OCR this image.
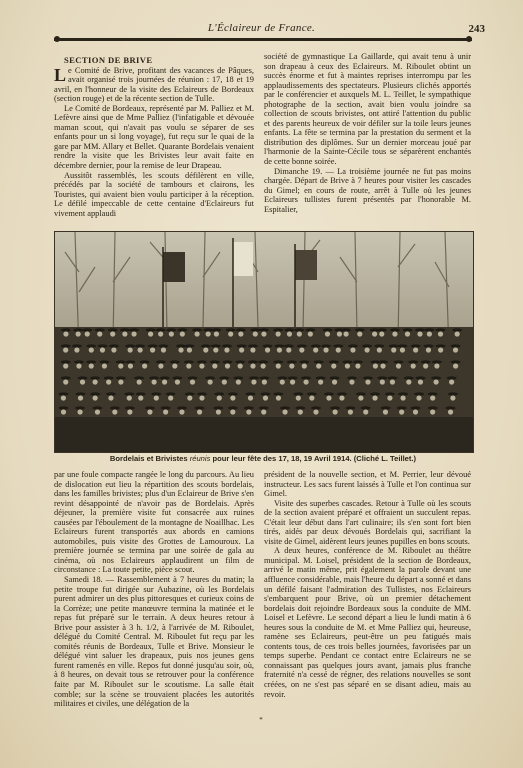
L'Éclaireur de France.	243

SECTION DE BRIVE

Le Comité de Brive, profitant des vacances de Pâques, avait organisé trois journées de réunion : 17, 18 et 19 avril, en l'honneur de la visite des Eclaireurs de Bordeaux (section rouge) et de la récente section de Tulle.

Le Comité de Bordeaux, représenté par M. Palliez et M. Lefèvre ainsi que de Mme Palliez (l'infatigable et dévouée maman scout, qui n'avait pas voulu se séparer de ses enfants pour un si long voyage), fut reçu sur le quai de la gare par MM. Allary et Bellet. Quarante Bordelais venaient rendre la visite que les Brivistes leur avait faite en décembre dernier, pour la remise de leur Drapeau.

Aussitôt rassemblés, les scouts défilèrent en ville, précédés par la société de tambours et clairons, les Touristes, qui avaient bien voulu participer à la réception. Le défilé impeccable de cette centaine d'Eclaireurs fut vivement applaudi

société de gymnastique La Gaillarde, qui avait tenu à unir son drapeau à ceux des Eclaireurs. M. Riboulet obtint un succès énorme et fut à maintes reprises interrompu par les applaudissements des spectateurs. Plusieurs clichés apportés par le conférencier et auxquels M. L. Teillet, le sympathique photographe de la section, avait bien voulu joindre sa collection de scouts brivistes, ont attiré l'attention du public et des parents heureux de voir défiler sur la toile leurs jeunes enfants. La fête se termina par la prestation du serment et la distribution des diplômes. Sur un dernier morceau joué par l'harmonie de la Sainte-Cécile tous se séparèrent enchantés de cette bonne soirée.

Dimanche 19. — La troisième journée ne fut pas moins chargée. Départ de Brive à 7 heures pour visiter les cascades du Gimel; en cours de route, arrêt à Tulle où les jeunes Eclaireurs tullistes furent présentés par l'honorable M. Espitalier,

Bordelais et Brivistes réunis pour leur fête des 17, 18, 19 Avril 1914. (Cliché L. Teillet.)

par une foule compacte rangée le long du parcours. Au lieu de dislocation eut lieu la répartition des scouts bordelais, dans les familles brivistes; plus d'un Eclaireur de Brive s'en revint désappointé de n'avoir pas de Bordelais. Après déjeuner, la première visite fut consacrée aux ruines causées par l'éboulement de la montagne de Noaillhac. Les Eclaireurs furent transportés aux abords en camions automobiles, puis visite des Grottes de Lamouroux. La première journée se termina par une soirée de gala au cinéma, où nos Eclaireurs applaudirent un film de circonstance : La toute petite, pièce scout.

Samedi 18. — Rassemblement à 7 heures du matin; la petite troupe fut dirigée sur Aubazine, où les Bordelais purent admirer un des plus pittoresques et curieux coins de la Corrèze; une petite manœuvre termina la matinée et le repas fut préparé sur le terrain. A deux heures retour à Brive pour assister à 3 h. 1/2, à l'arrivée de M. Riboulet, délégué du Comité Central. M. Riboulet fut reçu par les comités réunis de Bordeaux, Tulle et Brive. Monsieur le délégué vint saluer les drapeaux, puis nos jeunes gens furent ramenés en ville. Repos fut donné jusqu'au soir, où, à 8 heures, on devait tous se retrouver pour la conférence faite par M. Riboulet sur le scoutisme. La salle était comble; sur la scène se trouvaient placées les autorités militaires et civiles, une délégation de la

président de la nouvelle section, et M. Perrier, leur dévoué instructeur. Les sacs furent laissés à Tulle et l'on continua sur Gimel.

Visite des superbes cascades. Retour à Tulle où les scouts de la section avaient préparé et offraient un succulent repas. C'était leur début dans l'art culinaire; ils s'en sont fort bien tirés, aidés par deux dévoués Bordelais qui, sacrifiant la visite de Gimel, aidèrent leurs jeunes pupilles en bons scouts.

A deux heures, conférence de M. Riboulet au théâtre municipal. M. Loisel, président de la section de Bordeaux, arrivé le matin même, prit également la parole devant une affluence considérable, mais l'heure du départ a sonné et dans un défilé faisant l'admiration des Tullistes, nos Eclaireurs s'embarquent pour Brive, où un premier détachement bordelais doit rejoindre Bordeaux sous la conduite de MM. Loisel et Lefèvre. Le second départ a lieu le lundi matin à 6 heures sous la conduite de M. et Mme Palliez qui, heureuse, ramène ses Eclaireurs, peut-être un peu fatigués mais contents tous, de ces trois belles journées, favorisées par un temps superbe. Pendant ce contact entre Eclaireurs ne se connaissant pas quelques jours avant, jamais plus franche fraternité n'a cessé de régner, des relations nouvelles se sont créées, on ne s'est pas séparé en se disant adieu, mais au revoir.

*
